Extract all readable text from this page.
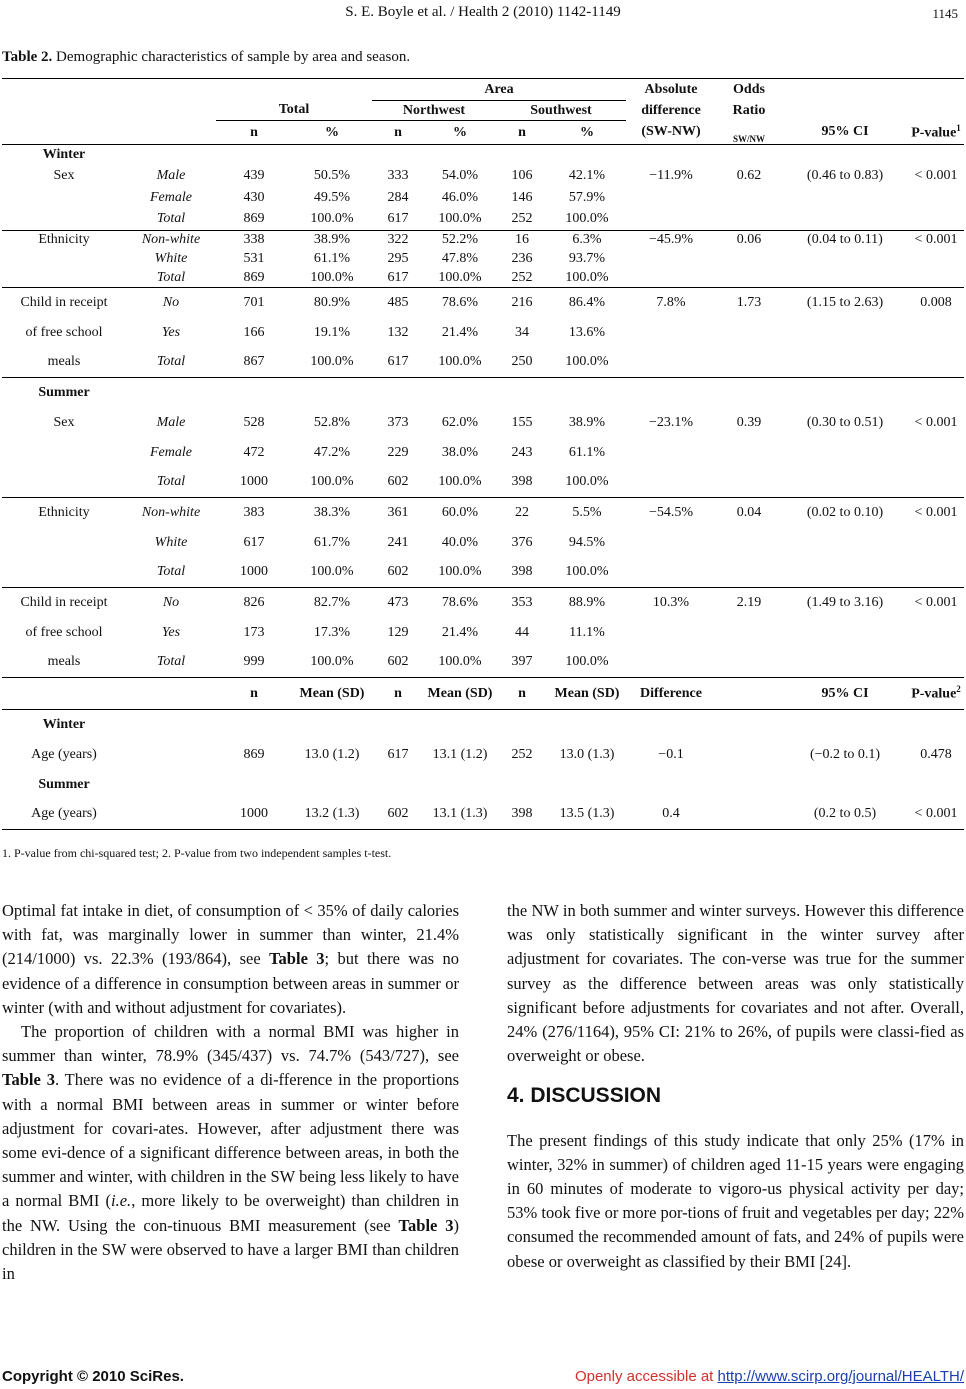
S. E. Boyle et al. / Health 2 (2010) 1142-1149	1145
Table 2. Demographic characteristics of sample by area and season.
				Area				Absolute	Odds		
		Total		Northwest		Southwest		difference	Ratio		
		n	%	n	%	n	%	(SW-NW)	SW/NW	95% CI	P-value$^1$
Winter											
Sex	Male	439	50.5%	333	54.0%	106	42.1%	−11.9%	0.62	(0.46 to 0.83)	< 0.001
	Female	430	49.5%	284	46.0%	146	57.9%				
	Total	869	100.0%	617	100.0%	252	100.0%				
Ethnicity	Non-white	338	38.9%	322	52.2%	16	6.3%	−45.9%	0.06	(0.04 to 0.11)	< 0.001
	White	531	61.1%	295	47.8%	236	93.7%				
	Total	869	100.0%	617	100.0%	252	100.0%				
Child in receipt	No	701	80.9%	485	78.6%	216	86.4%	7.8%	1.73	(1.15 to 2.63)	0.008
of free school	Yes	166	19.1%	132	21.4%	34	13.6%				
meals	Total	867	100.0%	617	100.0%	250	100.0%				
Summer											
Sex	Male	528	52.8%	373	62.0%	155	38.9%	−23.1%	0.39	(0.30 to 0.51)	< 0.001
	Female	472	47.2%	229	38.0%	243	61.1%				
	Total	1000	100.0%	602	100.0%	398	100.0%				
Ethnicity	Non-white	383	38.3%	361	60.0%	22	5.5%	−54.5%	0.04	(0.02 to 0.10)	< 0.001
	White	617	61.7%	241	40.0%	376	94.5%				
	Total	1000	100.0%	602	100.0%	398	100.0%				
Child in receipt	No	826	82.7%	473	78.6%	353	88.9%	10.3%	2.19	(1.49 to 3.16)	< 0.001
of free school	Yes	173	17.3%	129	21.4%	44	11.1%				
meals	Total	999	100.0%	602	100.0%	397	100.0%				
		n	Mean (SD)	n	Mean (SD)	n	Mean (SD)	Difference		95% CI	P-value$^2$
Winter											
Age (years)		869	13.0 (1.2)	617	13.1 (1.2)	252	13.0 (1.3)	−0.1		(−0.2 to 0.1)	0.478
Summer											
Age (years)		1000	13.2 (1.3)	602	13.1 (1.3)	398	13.5 (1.3)	0.4		(0.2 to 0.5)	< 0.001
1. P-value from chi-squared test; 2. P-value from two independent samples t-test.

Optimal fat intake in diet, of consumption of < 35% of daily calories with fat, was marginally lower in summer than winter, 21.4% (214/1000) vs. 22.3% (193/864), see Table 3; but there was no evidence of a difference in consumption between areas in summer or winter (with and without adjustment for covariates).

The proportion of children with a normal BMI was higher in summer than winter, 78.9% (345/437) vs. 74.7% (543/727), see Table 3. There was no evidence of a di-fference in the proportions with a normal BMI between areas in summer or winter before adjustment for covari-ates. However, after adjustment there was some evi-dence of a significant difference between areas, in both the summer and winter, with children in the SW being less likely to have a normal BMI (i.e., more likely to be overweight) than children in the NW. Using the con-tinuous BMI measurement (see Table 3) children in the SW were observed to have a larger BMI than children in

the NW in both summer and winter surveys. However this difference was only statistically significant in the winter survey after adjustment for covariates. The con-verse was true for the summer survey as the difference between areas was only statistically significant before adjustments for covariates and not after. Overall, 24% (276/1164), 95% CI: 21% to 26%, of pupils were classi-fied as overweight or obese.

4. DISCUSSION

The present findings of this study indicate that only 25% (17% in winter, 32% in summer) of children aged 11-15 years were engaging in 60 minutes of moderate to vigoro-us physical activity per day; 53% took five or more por-tions of fruit and vegetables per day; 22% consumed the recommended amount of fats, and 24% of pupils were obese or overweight as classified by their BMI [24].

Copyright © 2010 SciRes.	Openly accessible at http://www.scirp.org/journal/HEALTH/
